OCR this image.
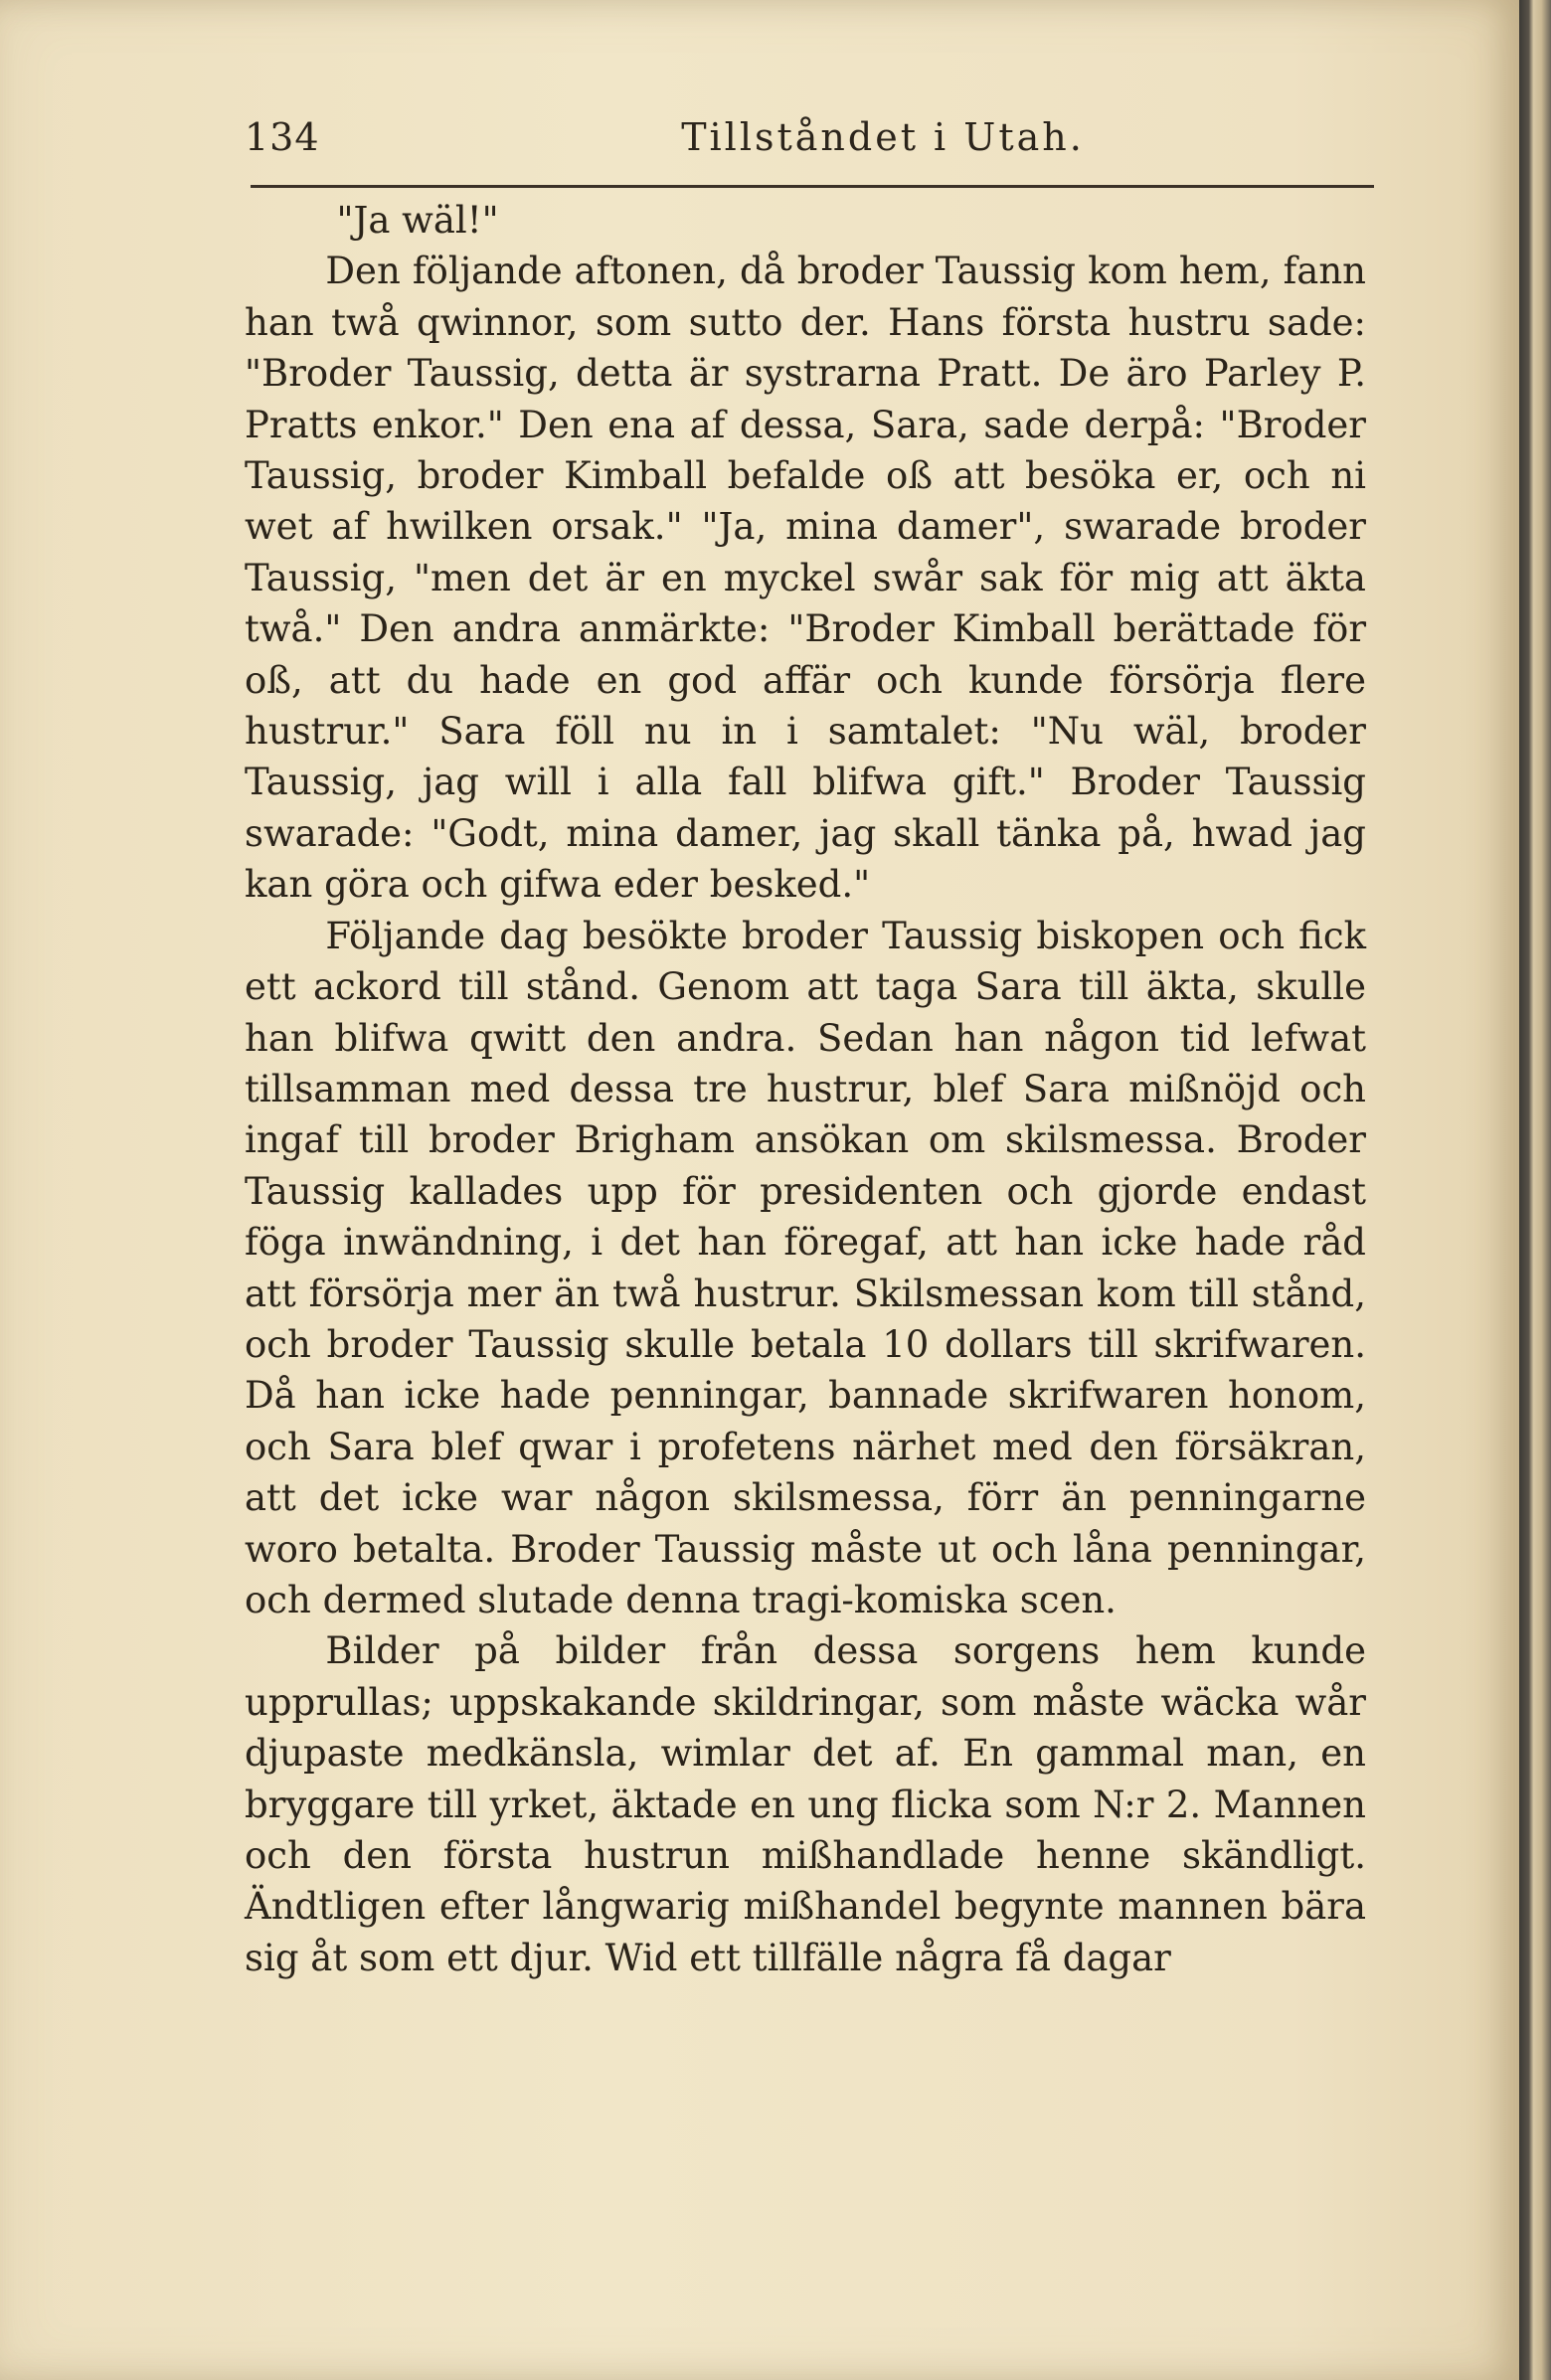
134	Tillståndet i Utah.

"Ja wäl!"

Den följande aftonen, då broder Taussig kom hem, fann han twå qwinnor, som sutto der. Hans första hustru sade: "Broder Taussig, detta är systrarna Pratt. De äro Parley P. Pratts enkor." Den ena af dessa, Sara, sade derpå: "Broder Taussig, broder Kimball befalde oß att besöka er, och ni wet af hwilken orsak." "Ja, mina damer", swarade broder Taussig, "men det är en myckel swår sak för mig att äkta twå." Den andra anmärkte: "Broder Kimball berättade för oß, att du hade en god affär och kunde försörja flere hustrur." Sara föll nu in i samtalet: "Nu wäl, broder Taussig, jag will i alla fall blifwa gift." Broder Taussig swarade: "Godt, mina damer, jag skall tänka på, hwad jag kan göra och gifwa eder besked."

Följande dag besökte broder Taussig biskopen och fick ett ackord till stånd. Genom att taga Sara till äkta, skulle han blifwa qwitt den andra. Sedan han någon tid lefwat tillsamman med dessa tre hustrur, blef Sara mißnöjd och ingaf till broder Brigham ansökan om skilsmessa. Broder Taussig kallades upp för presidenten och gjorde endast föga inwändning, i det han föregaf, att han icke hade råd att försörja mer än twå hustrur. Skilsmessan kom till stånd, och broder Taussig skulle betala 10 dollars till skrifwaren. Då han icke hade penningar, bannade skrifwaren honom, och Sara blef qwar i profetens närhet med den försäkran, att det icke war någon skilsmessa, förr än penningarne woro betalta. Broder Taussig måste ut och låna penningar, och dermed slutade denna tragi-komiska scen.

Bilder på bilder från dessa sorgens hem kunde upprullas; uppskakande skildringar, som måste wäcka wår djupaste medkänsla, wimlar det af. En gammal man, en bryggare till yrket, äktade en ung flicka som N:r 2. Mannen och den första hustrun mißhandlade henne skändligt. Ändtligen efter långwarig mißhandel begynte mannen bära sig åt som ett djur. Wid ett tillfälle några få dagar
